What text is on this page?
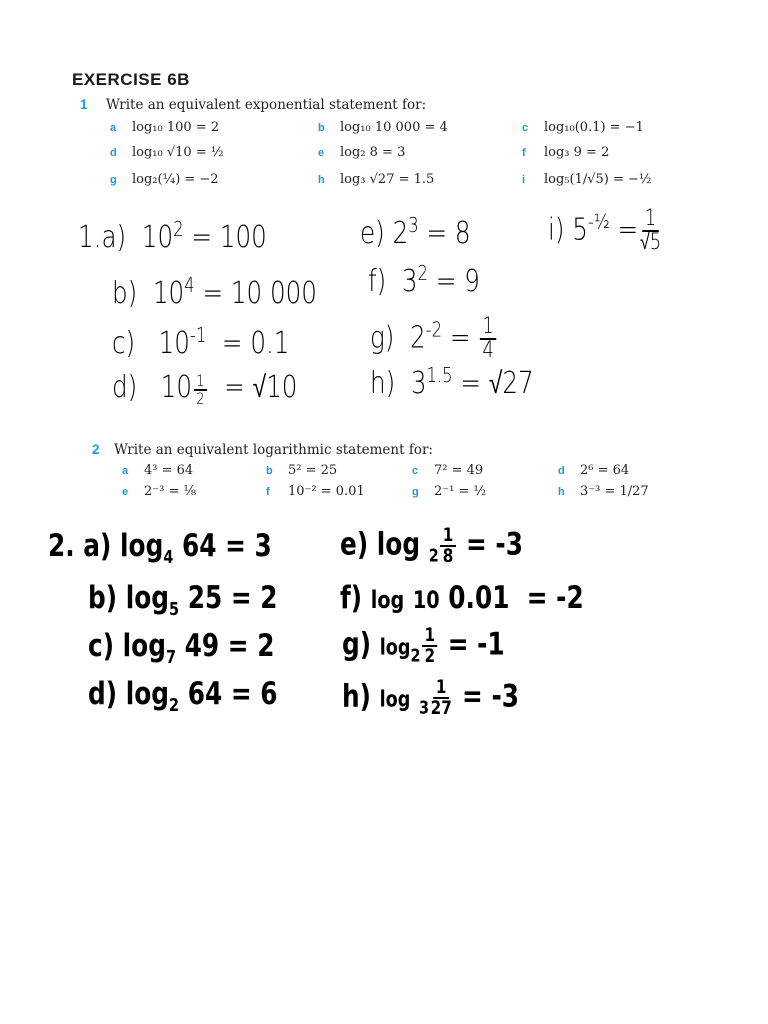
EXERCISE 6B
1 Write an equivalent exponential statement for:
a log₁₀ 100 = 2	b log₁₀ 10 000 = 4	c log₁₀(0.1) = −1
d log₁₀ √10 = ½	e log₂ 8 = 3	f log₃ 9 = 2
g log₂(¼) = −2	h log₃ √27 = 1.5	i log₅(1/√5) = −½
1.a) $10^2 = 100$	e) $2^3 = 8$	i) $5^{-\frac{1}{2}} = \frac{1}{√5}$
b) $10^4 = 10$ 000 f) $3^2 = 9$
c) $10^{-1} = 0.1$	g) $2^{-2} = \frac{1}{4}$
d) $10 \frac{1}{2} = √10$ h) $3^{1.5} = √27$
2 Write an equivalent logarithmic statement for:
a 4³ = 64	b 5² = 25	c 7² = 49	d 2⁶ = 64
e 2⁻³ = ⅛	f 10⁻² = 0.01	g 2⁻¹ = ½	h 3⁻³ = 1/27
2. a) $\log_4 64 = 3$ e) $\log _2 \frac{1}{8} = -3$
b) $\log_5 25 = 2$ f) log 10 0.01 = -2
c) $\log_7 49 = 2$ g) $\log_2 \frac{1}{2} = -1$
d) $\log_2 64 = 6$ h) $\log _3 \frac{1}{27} = -3$
